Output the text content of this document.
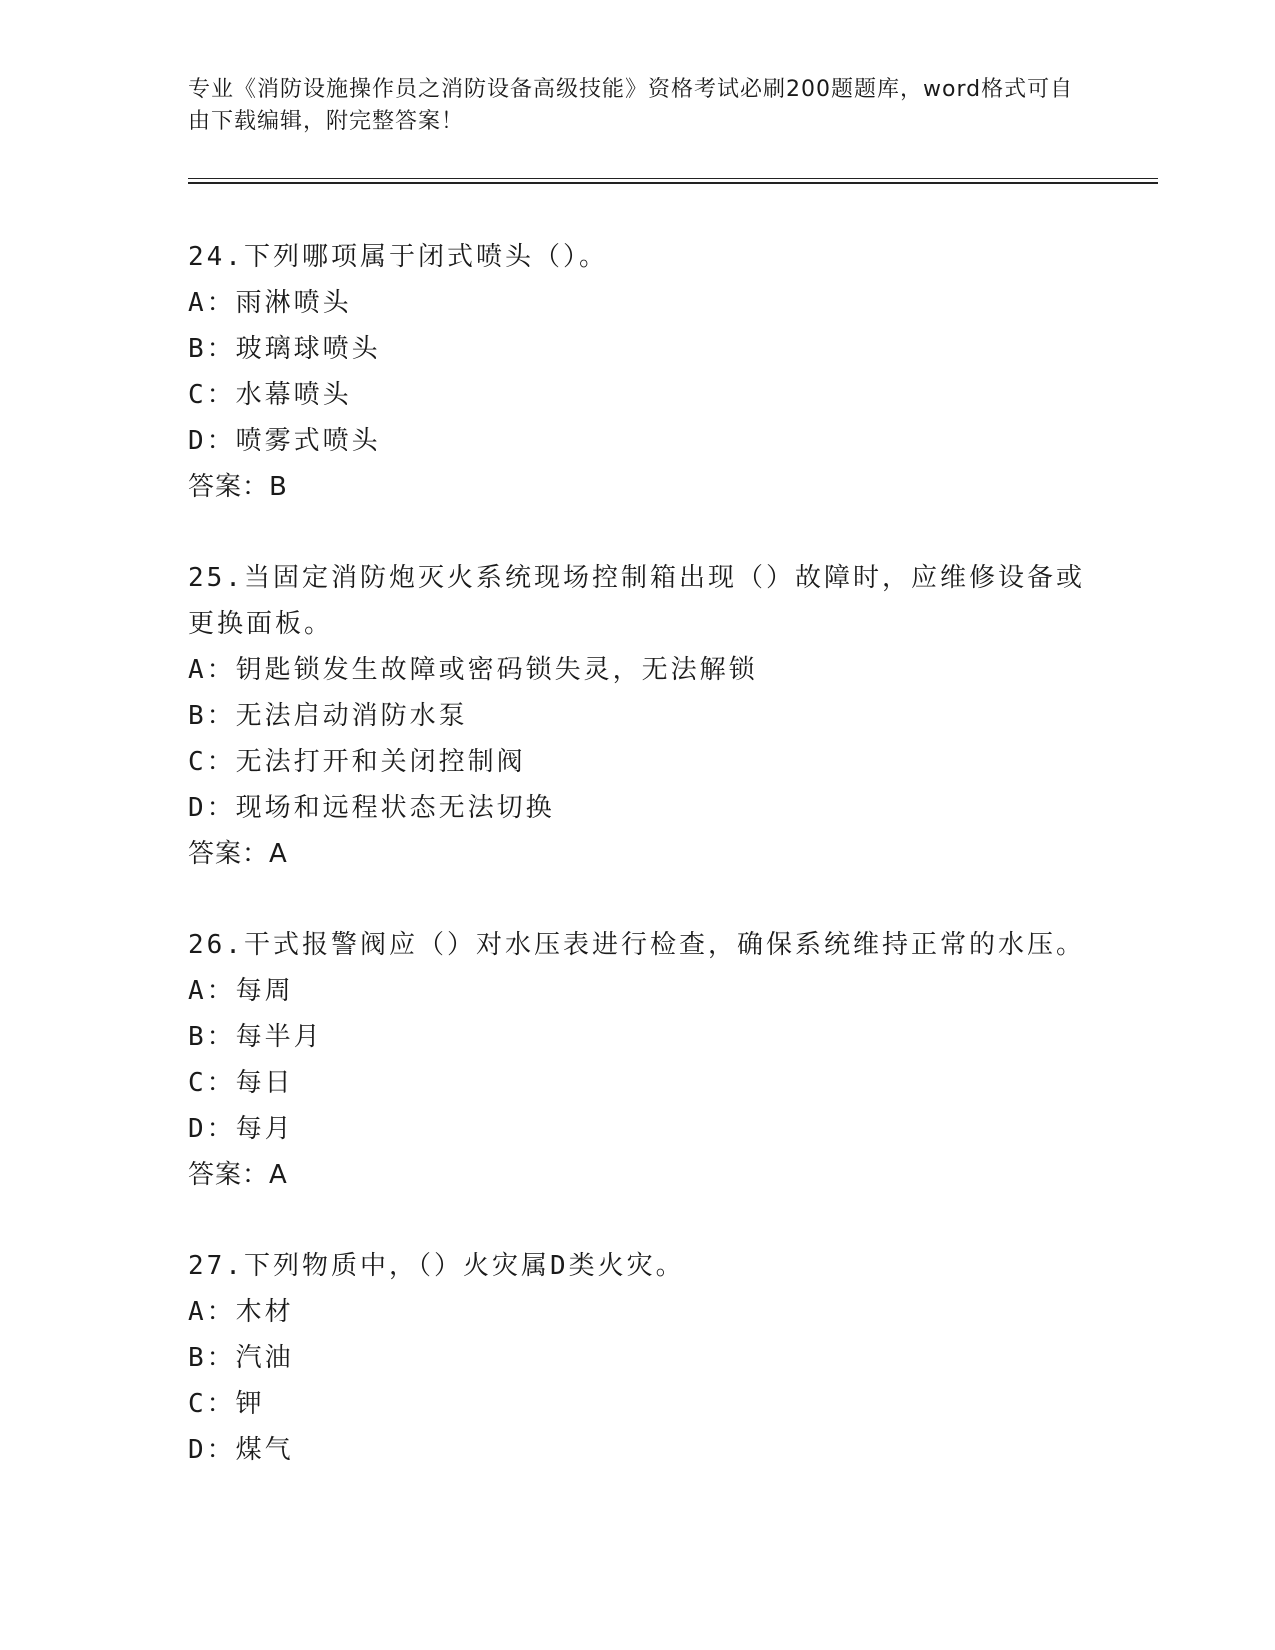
专业《消防设施操作员之消防设备高级技能》资格考试必刷200题题库，word格式可自由下载编辑，附完整答案！
24.下列哪项属于闭式喷头（）。
A：雨淋喷头
B：玻璃球喷头
C：水幕喷头
D：喷雾式喷头
答案：B
25.当固定消防炮灭火系统现场控制箱出现（）故障时，应维修设备或更换面板。
A：钥匙锁发生故障或密码锁失灵，无法解锁
B：无法启动消防水泵
C：无法打开和关闭控制阀
D：现场和远程状态无法切换
答案：A
26.干式报警阀应（）对水压表进行检查，确保系统维持正常的水压。
A：每周
B：每半月
C：每日
D：每月
答案：A
27.下列物质中，（）火灾属D类火灾。
A：木材
B：汽油
C：钾
D：煤气
